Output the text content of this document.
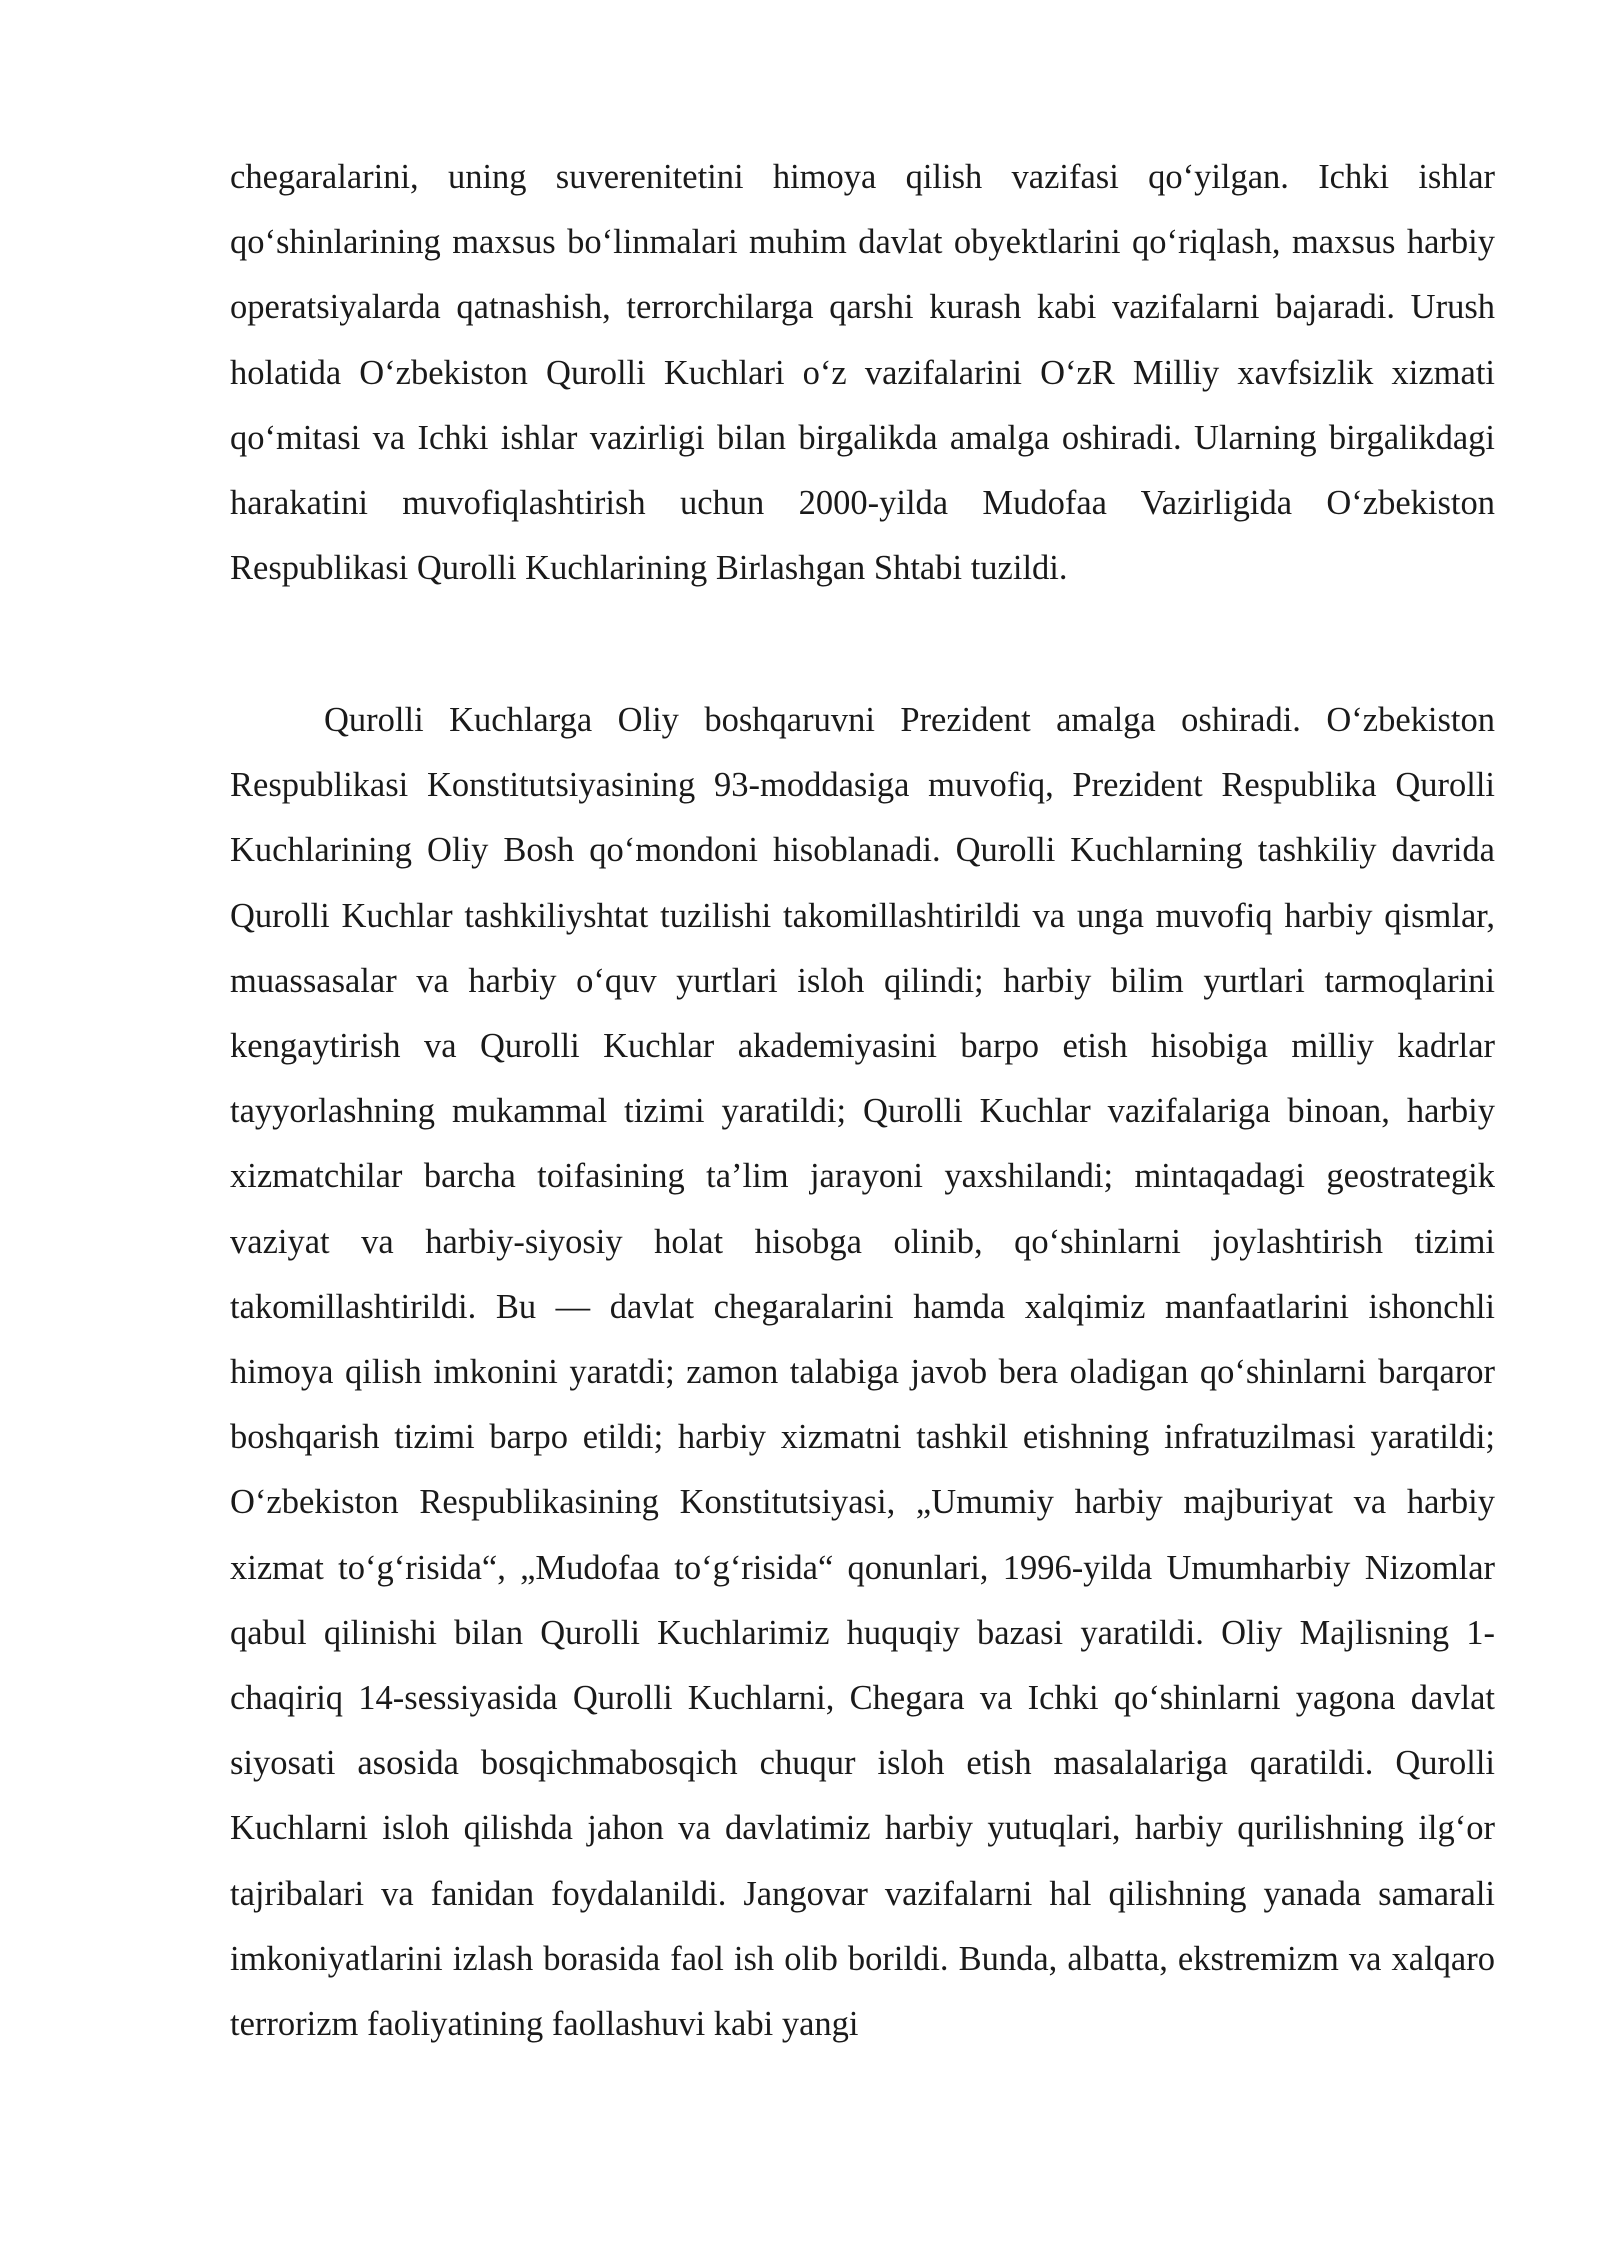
chegaralarini, uning suverenitetini himoya qilish vazifasi qo‘yilgan. Ichki ishlar qo‘shinlarining maxsus bo‘linmalari muhim davlat obyektlarini qo‘riqlash, maxsus harbiy operatsiyalarda qatnashish, terrorchilarga qarshi kurash kabi vazifalarni bajaradi. Urush holatida O‘zbekiston Qurolli Kuchlari o‘z vazifalarini O‘zR Milliy xavfsizlik xizmati qo‘mitasi va Ichki ishlar vazirligi bilan birgalikda amalga oshiradi. Ularning birgalikdagi harakatini muvofiqlashtirish uchun 2000-yilda Mudofaa Vazirligida O‘zbekiston Respublikasi Qurolli Kuchlarining Birlashgan Shtabi tuzildi.

Qurolli Kuchlarga Oliy boshqaruvni Prezident amalga oshiradi. O‘zbekiston Respublikasi Konstitutsiyasining 93-moddasiga muvofiq, Prezident Respublika Qurolli Kuchlarining Oliy Bosh qo‘mondoni hisoblanadi. Qurolli Kuchlarning tashkiliy davrida Qurolli Kuchlar tashkiliyshtat tuzilishi takomillashtirildi va unga muvofiq harbiy qismlar, muassasalar va harbiy o‘quv yurtlari isloh qilindi; harbiy bilim yurtlari tarmoqlarini kengaytirish va Qurolli Kuchlar akademiyasini barpo etish hisobiga milliy kadrlar tayyorlashning mukammal tizimi yaratildi; Qurolli Kuchlar vazifalariga binoan, harbiy xizmatchilar barcha toifasining ta’lim jarayoni yaxshilandi; mintaqadagi geostrategik vaziyat va harbiy-siyosiy holat hisobga olinib, qo‘shinlarni joylashtirish tizimi takomillashtirildi. Bu — davlat chegaralarini hamda xalqimiz manfaatlarini ishonchli himoya qilish imkonini yaratdi; zamon talabiga javob bera oladigan qo‘shinlarni barqaror boshqarish tizimi barpo etildi; harbiy xizmatni tashkil etishning infratuzilmasi yaratildi; O‘zbekiston Respublikasining Konstitutsiyasi, „Umumiy harbiy majburiyat va harbiy xizmat to‘g‘risida“, „Mudofaa to‘g‘risida“ qonunlari, 1996-yilda Umumharbiy Nizomlar qabul qilinishi bilan Qurolli Kuchlarimiz huquqiy bazasi yaratildi. Oliy Majlisning 1-chaqiriq 14-sessiyasida Qurolli Kuchlarni, Chegara va Ichki qo‘shinlarni yagona davlat siyosati asosida bosqichmabosqich chuqur isloh etish masalalariga qaratildi. Qurolli Kuchlarni isloh qilishda jahon va davlatimiz harbiy yutuqlari, harbiy qurilishning ilg‘or tajribalari va fanidan foydalanildi. Jangovar vazifalarni hal qilishning yanada samarali imkoniyatlarini izlash borasida faol ish olib borildi. Bunda, albatta, ekstremizm va xalqaro terrorizm faoliyatining faollashuvi kabi yangi
